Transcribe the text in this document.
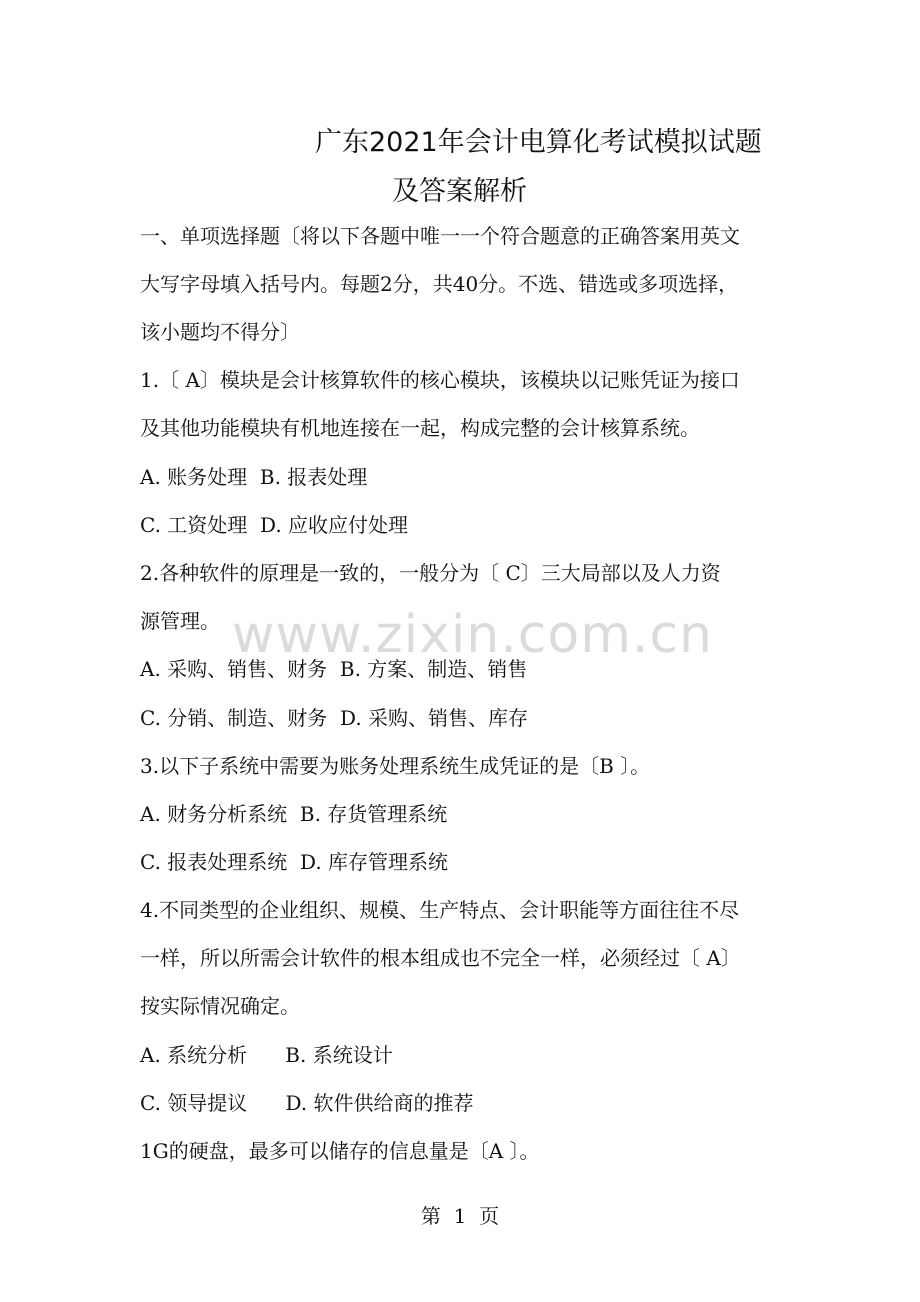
广东2021年会计电算化考试模拟试题
及答案解析
一、单项选择题〔将以下各题中唯一一个符合题意的正确答案用英文
大写字母填入括号内。每题2分，共40分。不选、错选或多项选择，
该小题均不得分〕
1.〔 A〕模块是会计核算软件的核心模块，该模块以记账凭证为接口
及其他功能模块有机地连接在一起，构成完整的会计核算系统。
A. 账务处理  B. 报表处理
C. 工资处理  D. 应收应付处理
2.各种软件的原理是一致的，一般分为〔 C〕三大局部以及人力资
源管理。
A. 采购、销售、财务  B. 方案、制造、销售
C. 分销、制造、财务  D. 采购、销售、库存
3.以下子系统中需要为账务处理系统生成凭证的是〔B 〕。
A. 财务分析系统  B. 存货管理系统
C. 报表处理系统  D. 库存管理系统
4.不同类型的企业组织、规模、生产特点、会计职能等方面往往不尽
一样，所以所需会计软件的根本组成也不完全一样，必须经过〔 A〕
按实际情况确定。
A. 系统分析      B. 系统设计
C. 领导提议      D. 软件供给商的推荐
1G的硬盘，最多可以储存的信息量是〔A 〕。
www.zixin.com.cn
第  1  页
